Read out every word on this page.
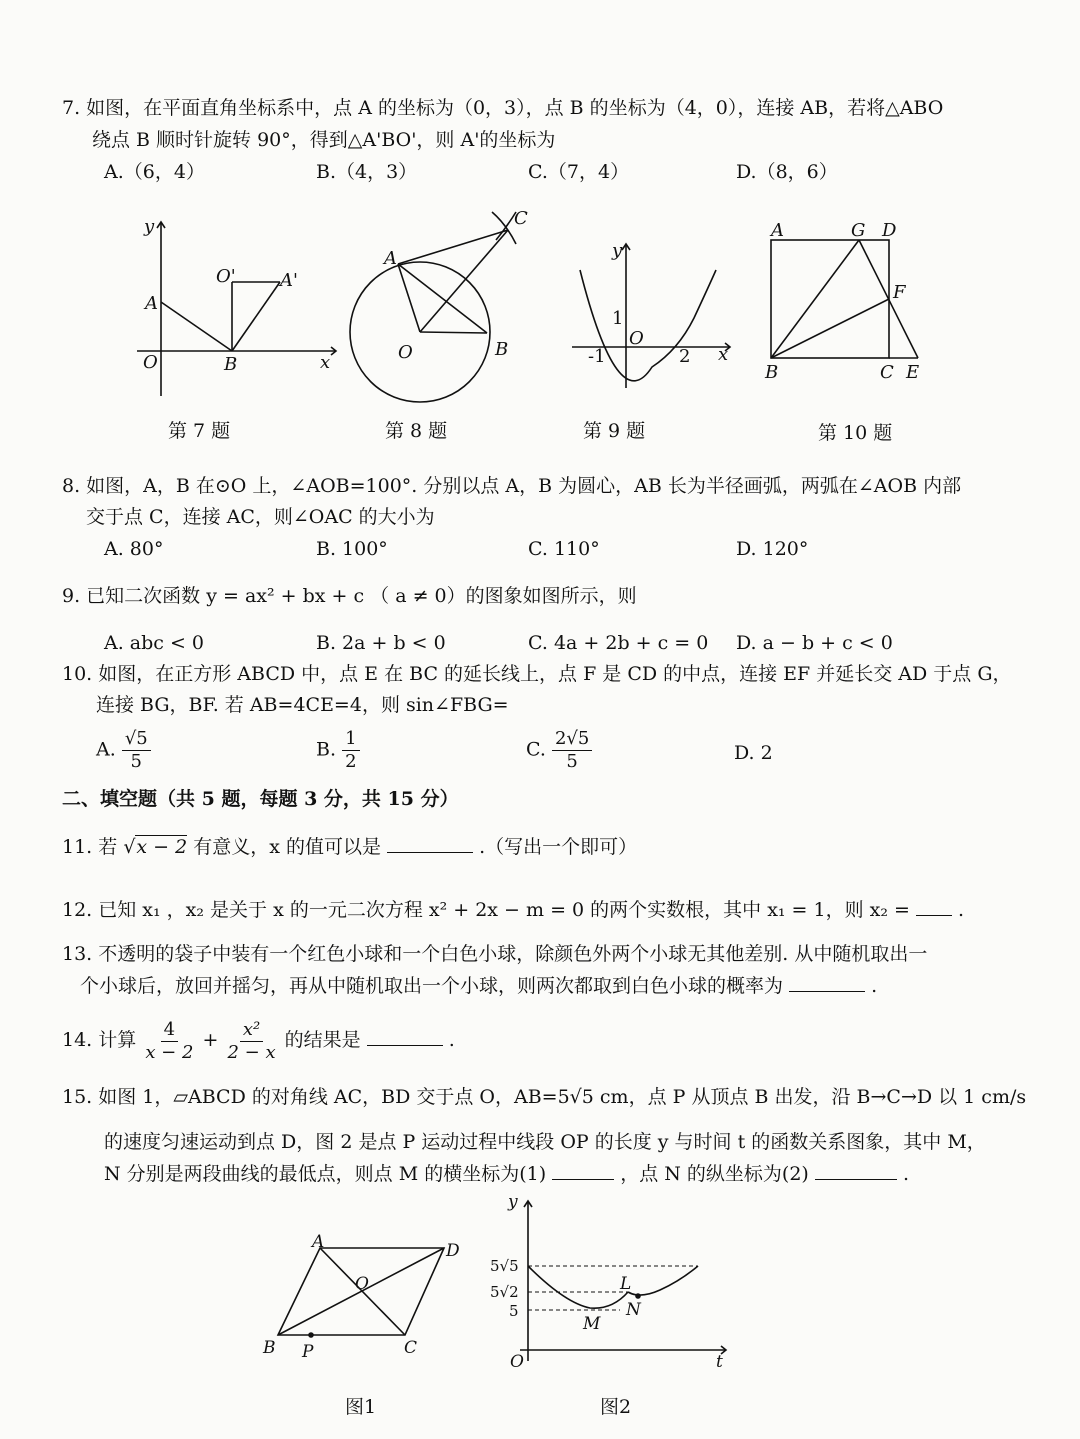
7. 如图，在平面直角坐标系中，点 A 的坐标为（0，3），点 B 的坐标为（4，0），连接 AB，若将△ABO
绕点 B 顺时针旋转 90°，得到△A'BO'，则 A'的坐标为
A.（6，4）	B.（4，3）	C.（7，4）	D.（8，6）
y
x
O
A
B
O' A'
A
B
O
C
y
x
O
1
-1	2
A	G D
F
B	C E
第 7 题	第 8 题	第 9 题	第 10 题
8. 如图，A，B 在⊙O 上，∠AOB=100°. 分别以点 A，B 为圆心，AB 长为半径画弧，两弧在∠AOB 内部
交于点 C，连接 AC，则∠OAC 的大小为
A. 80°	B. 100°	C. 110°	D. 120°
9. 已知二次函数 y = ax² + bx + c （ a ≠ 0）的图象如图所示，则
A. abc < 0	B. 2a + b < 0	C. 4a + 2b + c = 0 D. a − b + c < 0
10. 如图，在正方形 ABCD 中，点 E 在 BC 的延长线上，点 F 是 CD 的中点，连接 EF 并延长交 AD 于点 G，
连接 BG，BF. 若 AB=4CE=4，则 sin∠FBG=
A. $\frac{√5}{5}$	B. $\frac{1}{2}$	C. $\frac{2√5}{5}$	D. 2
二、填空题（共 5 题，每题 3 分，共 15 分）
11. 若 √x − 2 有意义，x 的值可以是	.（写出一个即可）
12. 已知 x₁ ，x₂ 是关于 x 的一元二次方程 x² + 2x − m = 0 的两个实数根，其中 x₁ = 1，则 x₂ =	.
13. 不透明的袋子中装有一个红色小球和一个白色小球，除颜色外两个小球无其他差别. 从中随机取出一
个小球后，放回并摇匀，再从中随机取出一个小球，则两次都取到白色小球的概率为	.
14. 计算 $\frac{4}{x - 2} + \frac{\text{x²}}{2 - x}$ 的结果是	.
15. 如图 1，▱ABCD 的对角线 AC，BD 交于点 O，AB=5√5 cm，点 P 从顶点 B 出发，沿 B→C→D 以 1 cm/s
的速度匀速运动到点 D，图 2 是点 P 运动过程中线段 OP 的长度 y 与时间 t 的函数关系图象，其中 M，
N 分别是两段曲线的最低点，则点 M 的横坐标为(1)	，点 N 的纵坐标为(2)	.
A	D
O
B P	C
y
t
O
5√5
5√2
5
M
L
N
图1	图2
